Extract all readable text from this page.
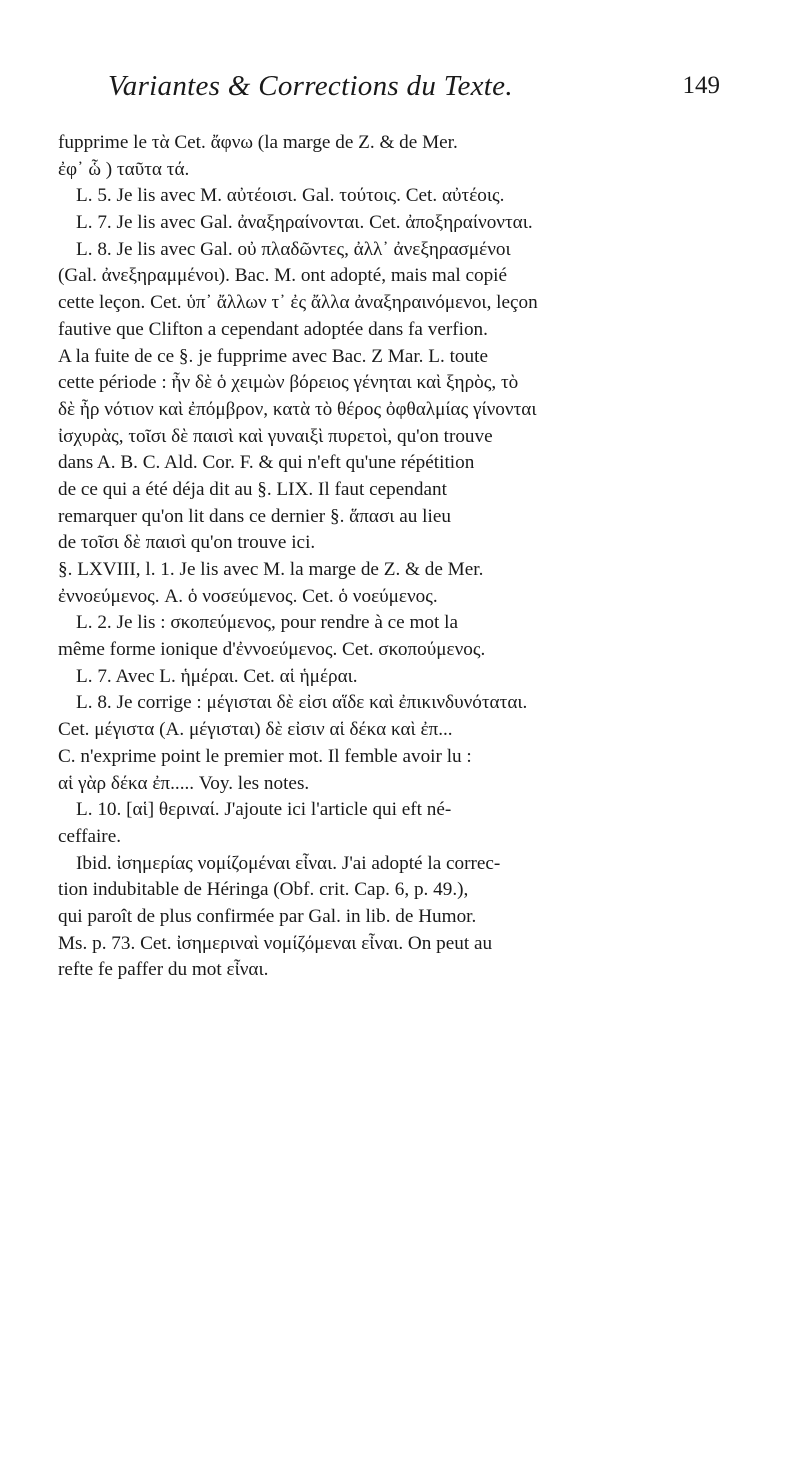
Variantes & Corrections du Texte.	149
fupprime le τὰ Cet. ἄφνω (la marge de Z. & de Mer.
ἐφ᾽ ὧ ) ταῦτα τά.
L. 5. Je lis avec M. αὐτέοισι. Gal. τούτοις. Cet. αὐτέοις.
L. 7. Je lis avec Gal. ἀναξηραίνονται. Cet. ἀποξηραίνονται.
L. 8. Je lis avec Gal. οὐ πλαδῶντες, ἀλλ᾽ ἀνεξηρασμένοι
(Gal. ἀνεξηραμμένοι). Bac. M. ont adopté, mais mal copié
cette leçon. Cet. ὑπ᾽ ἄλλων τ᾽ ἐς ἄλλα ἀναξηραινόμενοι, leçon
fautive que Clifton a cependant adoptée dans fa verfion.
A la fuite de ce §. je fupprime avec Bac. Z Mar. L. toute
cette période : ἦν δὲ ὁ χειμὼν βόρειος γένηται καὶ ξηρὸς, τὸ
δὲ ἦρ νότιον καὶ ἐπόμβρον, κατὰ τὸ θέρος ὀφθαλμίας γίνονται
ἰσχυρὰς, τοῖσι δὲ παισὶ καὶ γυναιξὶ πυρετοὶ, qu'on trouve
dans A. B. C. Ald. Cor. F. & qui n'eft qu'une répétition
de ce qui a été déja dit au §. LIX. Il faut cependant
remarquer qu'on lit dans ce dernier §. ἅπασι au lieu
de τοῖσι δὲ παισὶ qu'on trouve ici.
§. LXVIII, l. 1. Je lis avec M. la marge de Z. & de Mer.
ἐννοεύμενος. A. ὁ νοσεύμενος. Cet. ὁ νοεύμενος.
L. 2. Je lis : σκοπεύμενος, pour rendre à ce mot la
même forme ionique d'ἐννοεύμενος. Cet. σκοπούμενος.
L. 7. Avec L. ἡμέραι. Cet. αἱ ἡμέραι.
L. 8. Je corrige : μέγισται δὲ εἰσι αἵδε καὶ ἐπικινδυνόταται.
Cet. μέγιστα (A. μέγισται) δὲ εἰσιν αἱ δέκα καὶ ἐπ...
C. n'exprime point le premier mot. Il femble avoir lu :
αἱ γὰρ δέκα ἐπ..... Voy. les notes.
L. 10. [αἱ] θεριναί. J'ajoute ici l'article qui eft né-
ceffaire.
Ibid. ἰσημερίας νομίζομέναι εἶναι. J'ai adopté la correc-
tion indubitable de Héringa (Obf. crit. Cap. 6, p. 49.),
qui paroît de plus confirmée par Gal. in lib. de Humor.
Ms. p. 73. Cet. ἰσημεριναὶ νομίζόμεναι εἶναι. On peut au
refte fe paffer du mot εἶναι.
